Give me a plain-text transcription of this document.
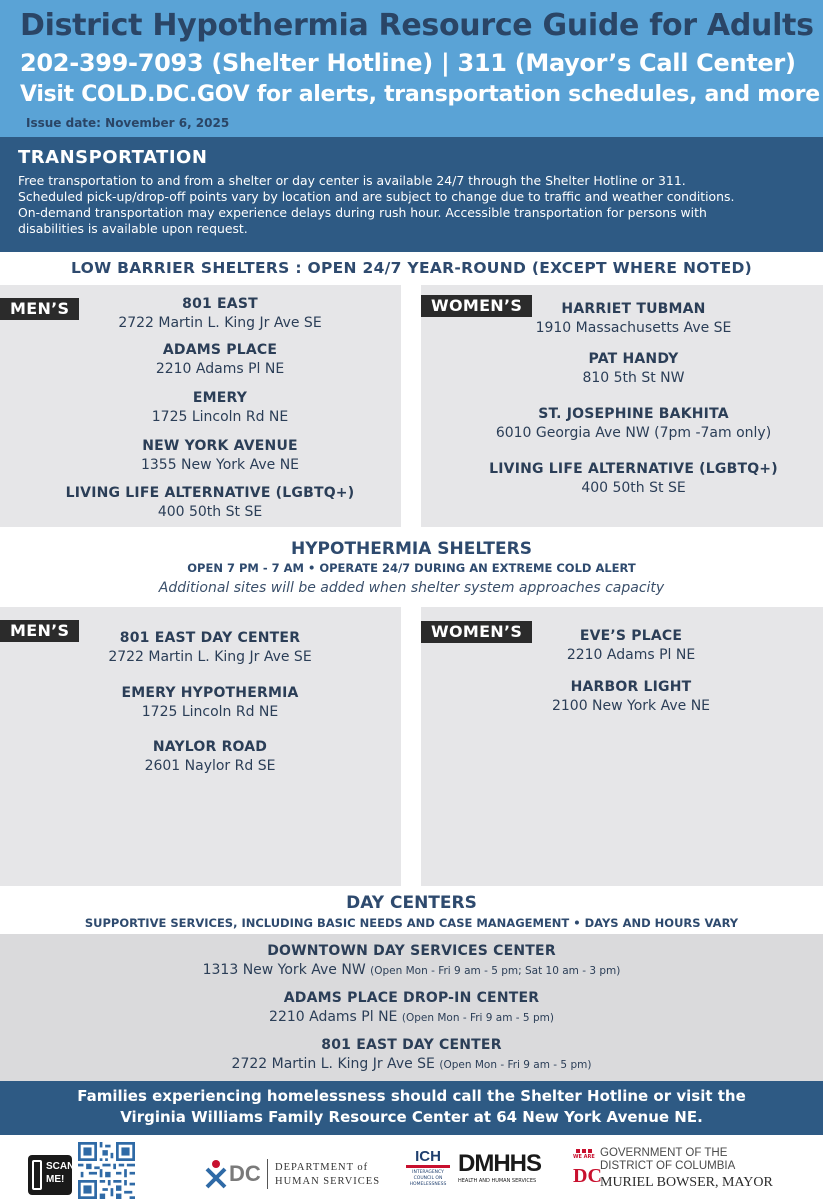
District Hypothermia Resource Guide for Adults
202-399-7093 (Shelter Hotline) | 311 (Mayor’s Call Center)
Visit COLD.DC.GOV for alerts, transportation schedules, and more
Issue date: November 6, 2025
TRANSPORTATION
Free transportation to and from a shelter or day center is available 24/7 through the Shelter Hotline or 311.
Scheduled pick-up/drop-off points vary by location and are subject to change due to traffic and weather conditions.
On-demand transportation may experience delays during rush hour. Accessible transportation for persons with
disabilities is available upon request.
LOW BARRIER SHELTERS : OPEN 24/7 YEAR-ROUND (EXCEPT WHERE NOTED)
MEN’S	801 EAST
2722 Martin L. King Jr Ave SE
ADAMS PLACE
2210 Adams Pl NE
EMERY
1725 Lincoln Rd NE
NEW YORK AVENUE
1355 New York Ave NE
LIVING LIFE ALTERNATIVE (LGBTQ+)
400 50th St SE
WOMEN’S	HARRIET TUBMAN
1910 Massachusetts Ave SE
PAT HANDY
810 5th St NW
ST. JOSEPHINE BAKHITA
6010 Georgia Ave NW (7pm -7am only)
LIVING LIFE ALTERNATIVE (LGBTQ+)
400 50th St SE
HYPOTHERMIA SHELTERS
OPEN 7 PM - 7 AM • OPERATE 24/7 DURING AN EXTREME COLD ALERT
Additional sites will be added when shelter system approaches capacity
MEN’S	801 EAST DAY CENTER
2722 Martin L. King Jr Ave SE
EMERY HYPOTHERMIA
1725 Lincoln Rd NE
NAYLOR ROAD
2601 Naylor Rd SE
WOMEN’S	EVE’S PLACE
2210 Adams Pl NE
HARBOR LIGHT
2100 New York Ave NE
DAY CENTERS
SUPPORTIVE SERVICES, INCLUDING BASIC NEEDS AND CASE MANAGEMENT • DAYS AND HOURS VARY
DOWNTOWN DAY SERVICES CENTER
1313 New York Ave NW (Open Mon - Fri 9 am - 5 pm; Sat 10 am - 3 pm)
ADAMS PLACE DROP-IN CENTER
2210 Adams Pl NE (Open Mon - Fri 9 am - 5 pm)
801 EAST DAY CENTER
2722 Martin L. King Jr Ave SE (Open Mon - Fri 9 am - 5 pm)
Families experiencing homelessness should call the Shelter Hotline or visit the
Virginia Williams Family Resource Center at 64 New York Avenue NE.
SCAN
ME!	DC DEPARTMENT of
HUMAN SERVICES
ICH
INTERAGENCY
COUNCIL ON
HOMELESSNESS
DMHHS
HEALTH AND HUMAN SERVICES
WE ARE
DC
GOVERNMENT OF THE
DISTRICT OF COLUMBIA
MURIEL BOWSER, MAYOR
